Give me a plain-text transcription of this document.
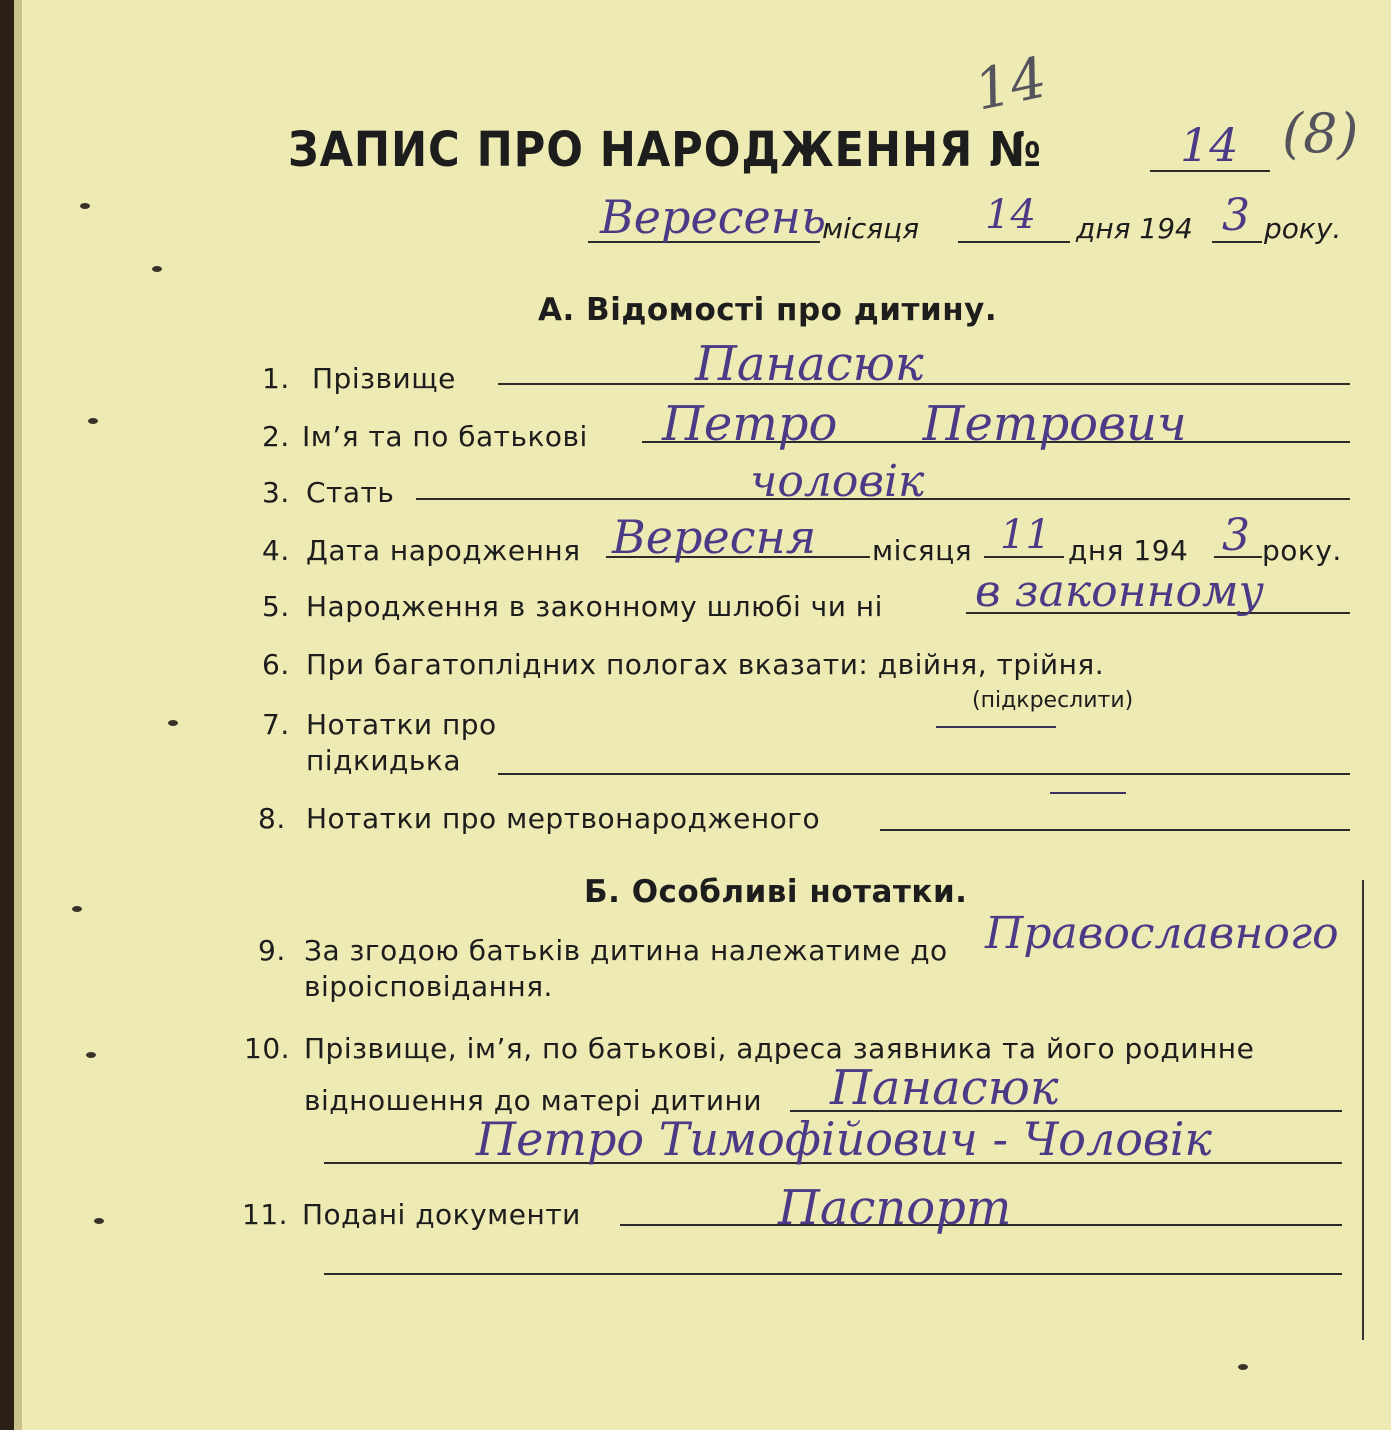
14
ЗАПИС ПРО НАРОДЖЕННЯ №	14 (8)
Вересень
місяця 14 дня 194 3 року.
А. Відомості про дитину.
1. Прізвище	Панасюк
2. Ім’я та по батькові Петро Петрович
3. Стать	чоловік
4. Дата народження Вересня місяця 11 дня 194 3 року.
5. Народження в законному шлюбі чи ні в законному
6. При багатоплідних пологах вказати: двійня, трійня.
(підкреслити)
7. Нотатки про
підкидька
8. Нотатки про мертвонародженого
Б. Особливі нотатки.
9. За згодою батьків дитина належатиме до
віроісповідання.
Православного
10. Прізвище, ім’я, по батькові, адреса заявника та його родинне
відношення до матері дитини Панасюк
Петро Тимофійович - Чоловік
11. Подані документи	Паспорт
